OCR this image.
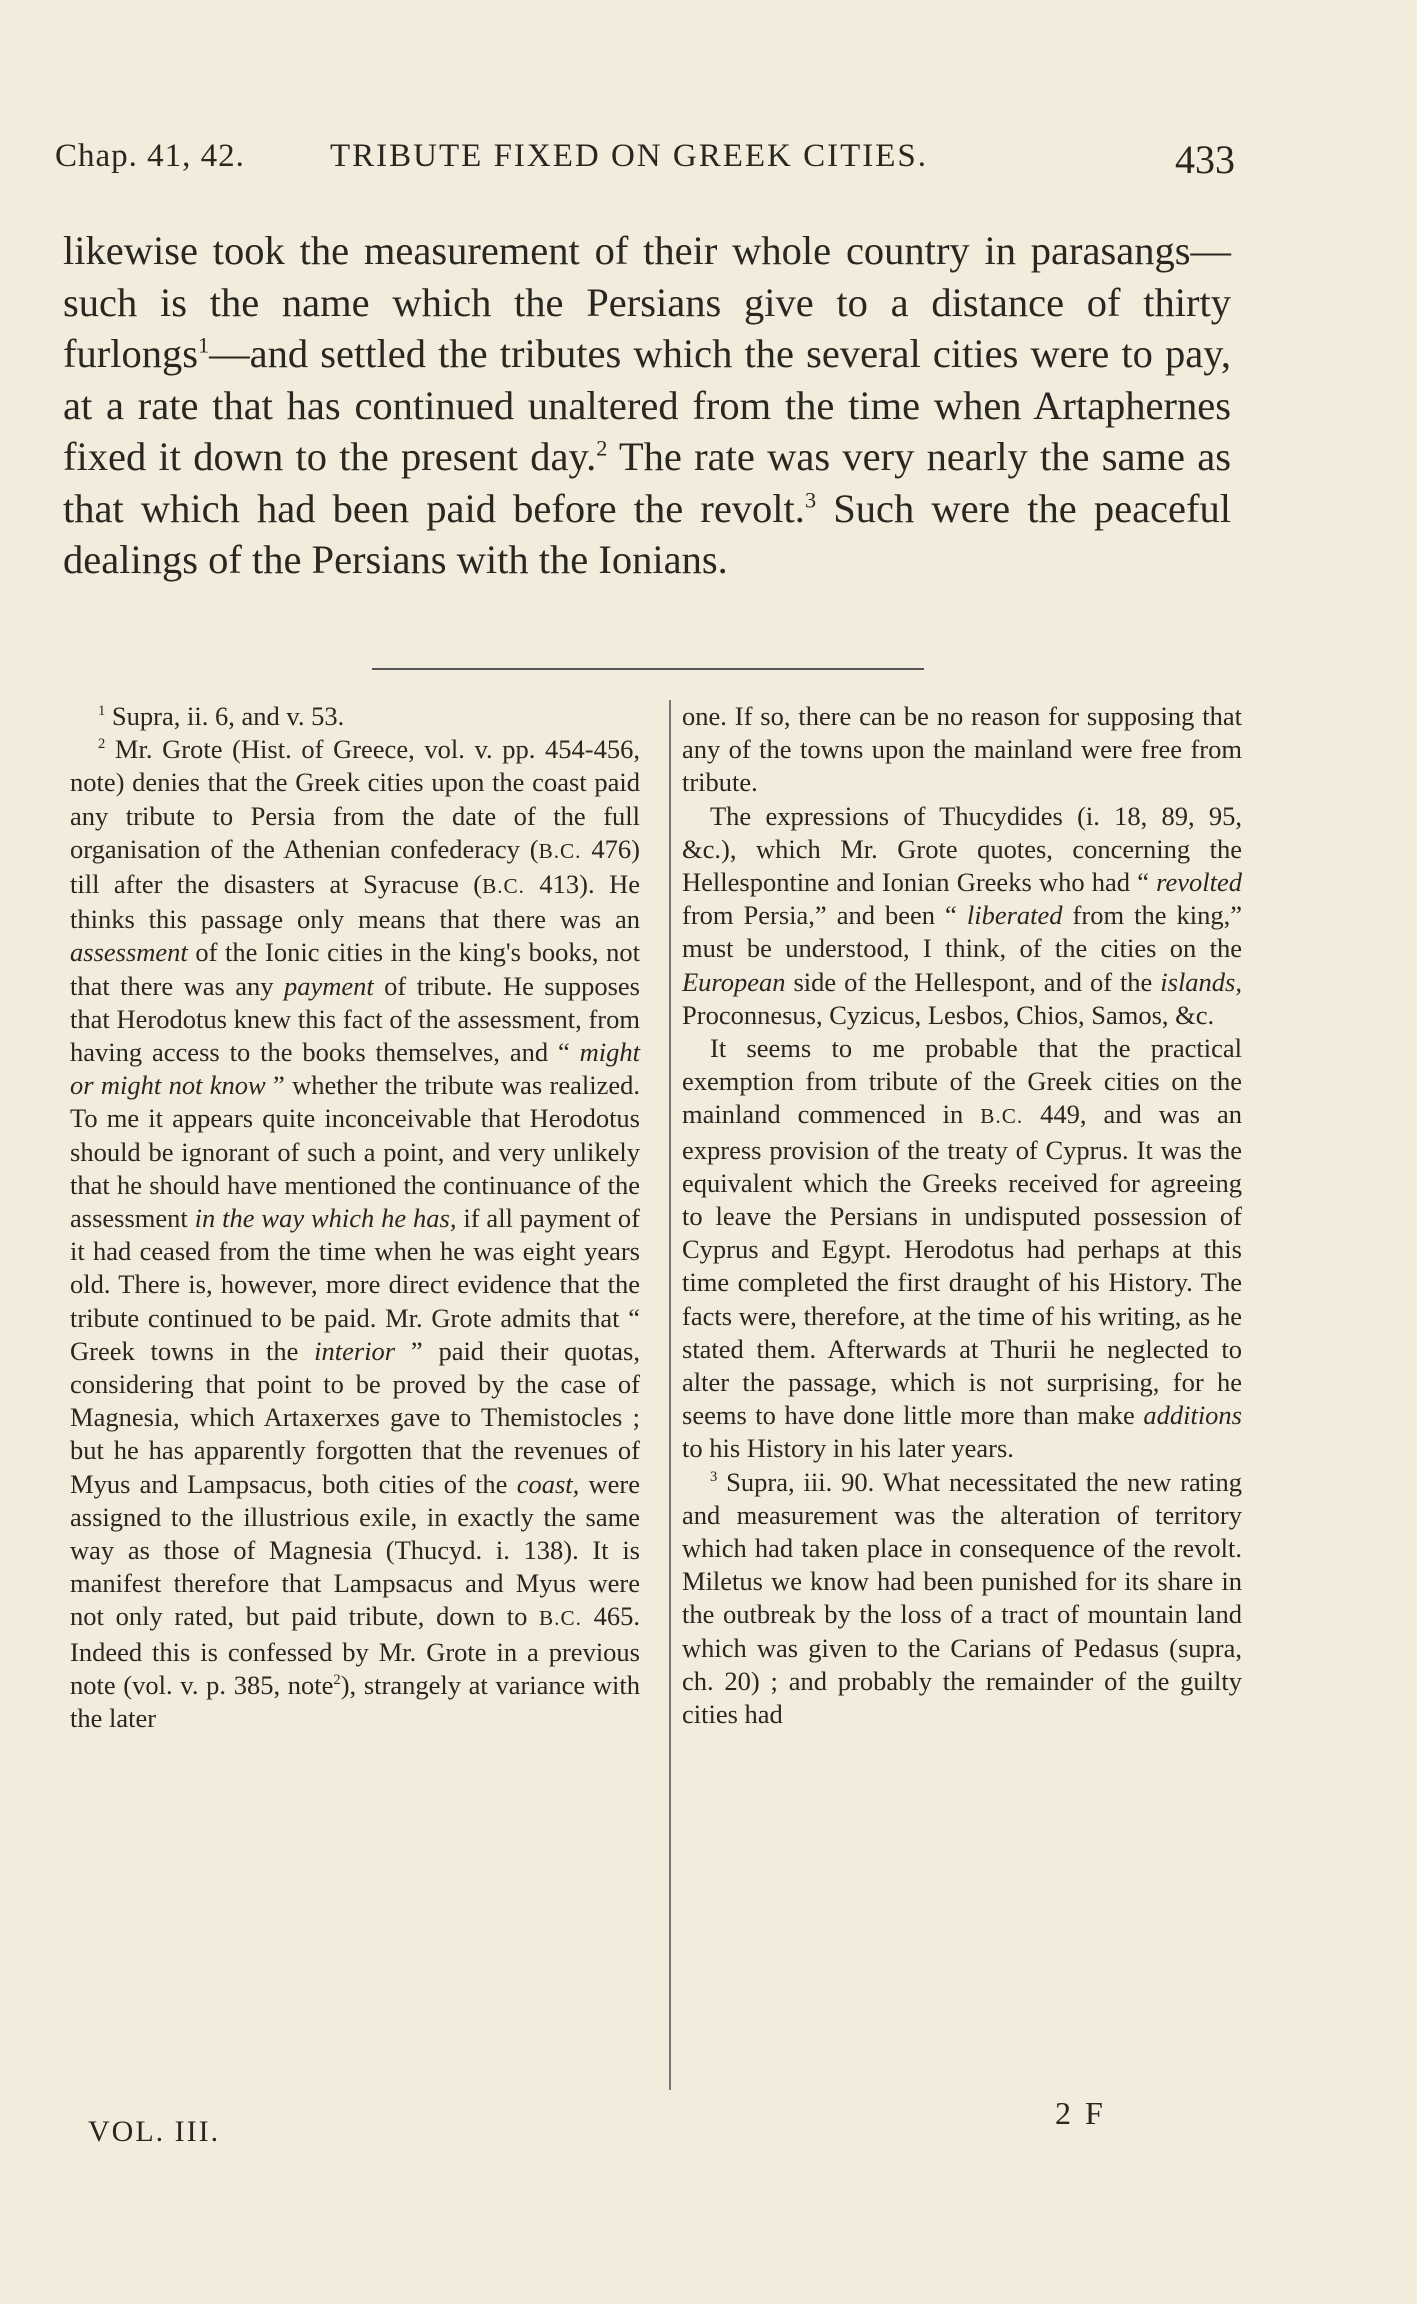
Chap. 41, 42.	TRIBUTE FIXED ON GREEK CITIES.	433

likewise took the measurement of their whole country in parasangs—such is the name which the Persians give to a distance of thirty furlongs$^1$—and settled the tributes which the several cities were to pay, at a rate that has continued unaltered from the time when Artaphernes fixed it down to the present day.$^2$ The rate was very nearly the same as that which had been paid before the revolt.$^3$ Such were the peaceful dealings of the Persians with the Ionians.

$^1$ Supra, ii. 6, and v. 53.

$^2$ Mr. Grote (Hist. of Greece, vol. v. pp. 454-456, note) denies that the Greek cities upon the coast paid any tribute to Persia from the date of the full organisation of the Athenian confederacy (B.C. 476) till after the disasters at Syracuse (B.C. 413). He thinks this passage only means that there was an assessment of the Ionic cities in the king's books, not that there was any payment of tribute. He supposes that Herodotus knew this fact of the assessment, from having access to the books themselves, and “ might or might not know ” whether the tribute was realized. To me it appears quite inconceivable that Herodotus should be ignorant of such a point, and very unlikely that he should have mentioned the continuance of the assessment in the way which he has, if all payment of it had ceased from the time when he was eight years old. There is, however, more direct evidence that the tribute continued to be paid. Mr. Grote admits that “ Greek towns in the interior ” paid their quotas, considering that point to be proved by the case of Magnesia, which Artaxerxes gave to Themistocles ; but he has apparently forgotten that the revenues of Myus and Lampsacus, both cities of the coast, were assigned to the illustrious exile, in exactly the same way as those of Magnesia (Thucyd. i. 138). It is manifest therefore that Lampsacus and Myus were not only rated, but paid tribute, down to B.C. 465. Indeed this is confessed by Mr. Grote in a previous note (vol. v. p. 385, note$^2$), strangely at variance with the later

one. If so, there can be no reason for supposing that any of the towns upon the mainland were free from tribute.

The expressions of Thucydides (i. 18, 89, 95, &c.), which Mr. Grote quotes, concerning the Hellespontine and Ionian Greeks who had “ revolted from Persia,” and been “ liberated from the king,” must be understood, I think, of the cities on the European side of the Hellespont, and of the islands, Proconnesus, Cyzicus, Lesbos, Chios, Samos, &c.

It seems to me probable that the practical exemption from tribute of the Greek cities on the mainland commenced in B.C. 449, and was an express provision of the treaty of Cyprus. It was the equivalent which the Greeks received for agreeing to leave the Persians in undisputed possession of Cyprus and Egypt. Herodotus had perhaps at this time completed the first draught of his History. The facts were, therefore, at the time of his writing, as he stated them. Afterwards at Thurii he neglected to alter the passage, which is not surprising, for he seems to have done little more than make additions to his History in his later years.

$^3$ Supra, iii. 90. What necessitated the new rating and measurement was the alteration of territory which had taken place in consequence of the revolt. Miletus we know had been punished for its share in the outbreak by the loss of a tract of mountain land which was given to the Carians of Pedasus (supra, ch. 20) ; and probably the remainder of the guilty cities had

VOL. III.
2 F
